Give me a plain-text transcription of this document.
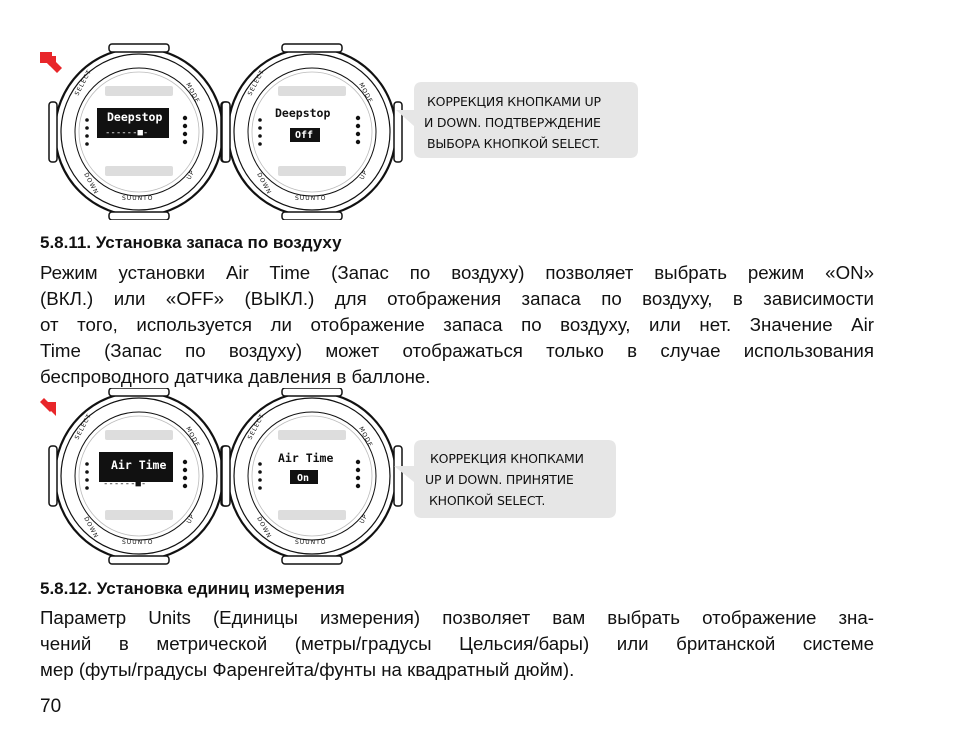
Deepstop
------■-
Deepstop
Off
SUUNTO	SUUNTO
SELECT	MODE
DOWN	UP
SELECT	MODE
DOWN	UP
КОРРЕКЦИЯ КНОПКАМИ UP
И DOWN. ПОДТВЕРЖДЕНИЕ
ВЫБОРА КНОПКОЙ SELECT.
5.8.11. Установка запаса по воздуху

Режим установки Air Time (Запас по воздуху) позволяет выбрать режим «ON»
(ВКЛ.) или «OFF» (ВЫКЛ.) для отображения запаса по воздуху, в зависимости
от того, используется ли отображение запаса по воздуху, или нет. Значение Air
Time (Запас по воздуху) может отображаться только в случае использования
беспроводного датчика давления в баллоне.

Air Time
------■-
Air Time
On
SUUNTO	SUUNTO
SELECT	MODE
DOWN	UP
SELECT	MODE
DOWN	UP
КОРРЕКЦИЯ КНОПКАМИ
UP И DOWN. ПРИНЯТИЕ
КНОПКОЙ SELECT.
5.8.12. Установка единиц измерения

Параметр Units (Единицы измерения) позволяет вам выбрать отображение зна-
чений в метрической (метры/градусы Цельсия/бары) или британской системе
мер (футы/градусы Фаренгейта/фунты на квадратный дюйм).

70
